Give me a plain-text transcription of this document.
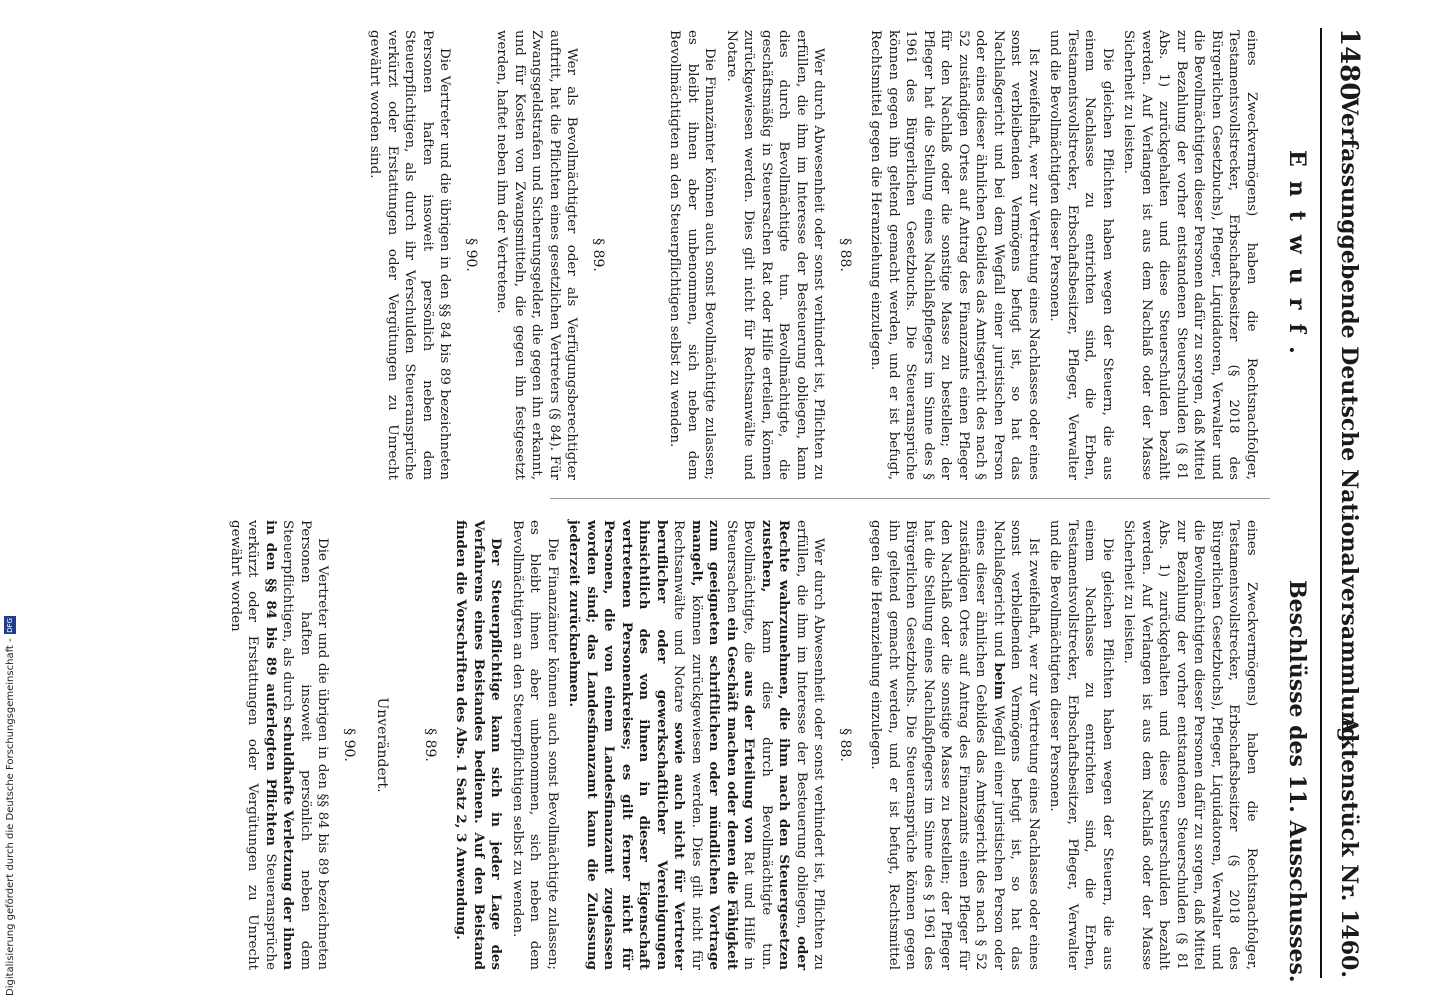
1480
Verfassunggebende Deutsche Nationalversammlung.
Aktenstück Nr. 1460.
Entwurf.
Beschlüsse des 11. Ausschusses.

eines Zweckvermögens) haben die Rechtsnachfolger, Testamentsvollstrecker, Erbschaftsbesitzer (§ 2018 des Bürgerlichen Gesetzbuchs), Pfleger, Liquidatoren, Verwalter und die Bevollmächtigten dieser Personen dafür zu sorgen, daß Mittel zur Bezahlung der vorher entstandenen Steuerschulden (§ 81 Abs. 1) zurückgehalten und diese Steuerschulden bezahlt werden. Auf Verlangen ist aus dem Nachlaß oder der Masse Sicherheit zu leisten.

Die gleichen Pflichten haben wegen der Steuern, die aus einem Nachlasse zu entrichten sind, die Erben, Testamentsvollstrecker, Erbschaftsbesitzer, Pfleger, Verwalter und die Bevollmächtigten dieser Personen.

Ist zweifelhaft, wer zur Vertretung eines Nachlasses oder eines sonst verbleibenden Vermögens befugt ist, so hat das Nachlaßgericht und bei dem Wegfall einer juristischen Person oder eines dieser ähnlichen Gebildes das Amtsgericht des nach § 52 zuständigen Ortes auf Antrag des Finanzamts einen Pfleger für den Nachlaß oder die sonstige Masse zu bestellen; der Pfleger hat die Stellung eines Nachlaßpflegers im Sinne des § 1961 des Bürgerlichen Gesetzbuchs. Die Steueransprüche können gegen ihn geltend gemacht werden, und er ist befugt, Rechtsmittel gegen die Heranziehung einzulegen.

§ 88.

Wer durch Abwesenheit oder sonst verhindert ist, Pflichten zu erfüllen, die ihm im Interesse der Besteuerung obliegen, kann dies durch Bevollmächtigte tun. Bevollmächtigte, die geschäftsmäßig in Steuersachen Rat oder Hilfe erteilen, können zurückgewiesen werden. Dies gilt nicht für Rechtsanwälte und Notare.

Die Finanzämter können auch sonst Bevollmächtigte zulassen; es bleibt ihnen aber unbenommen, sich neben dem Bevollmächtigten an den Steuerpflichtigen selbst zu wenden.

§ 89.

Wer als Bevollmächtigter oder als Verfügungsberechtigter auftritt, hat die Pflichten eines gesetzlichen Vertreters (§ 84). Für Zwangsgeldstrafen und Sicherungsgelder, die gegen ihn erkannt, und für Kosten von Zwangsmitteln, die gegen ihn festgesetzt werden, haftet neben ihm der Vertretene.

§ 90.

Die Vertreter und die übrigen in den §§ 84 bis 89 bezeichneten Personen haften insoweit persönlich neben dem Steuerpflichtigen, als durch ihr Verschulden Steueransprüche verkürzt oder Erstattungen oder Vergütungen zu Unrecht gewährt worden sind.

eines Zweckvermögens) haben die Rechtsnachfolger, Testamentsvollstrecker, Erbschaftsbesitzer (§ 2018 des Bürgerlichen Gesetzbuchs), Pfleger, Liquidatoren, Verwalter und die Bevollmächtigten dieser Personen dafür zu sorgen, daß Mittel zur Bezahlung der vorher entstandenen Steuerschulden (§ 81 Abs. 1) zurückgehalten und diese Steuerschulden bezahlt werden. Auf Verlangen ist aus dem Nachlaß oder der Masse Sicherheit zu leisten.

Die gleichen Pflichten haben wegen der Steuern, die aus einem Nachlasse zu entrichten sind, die Erben, Testamentsvollstrecker, Erbschaftsbesitzer, Pfleger, Verwalter und die Bevollmächtigten dieser Personen.

Ist zweifelhaft, wer zur Vertretung eines Nachlasses oder eines sonst verbleibenden Vermögens befugt ist, so hat das Nachlaßgericht und beim Wegfall einer juristischen Person oder eines dieser ähnlichen Gebildes das Amtsgericht des nach § 52 zuständigen Ortes auf Antrag des Finanzamts einen Pfleger für den Nachlaß oder die sonstige Masse zu bestellen; der Pfleger hat die Stellung eines Nachlaßpflegers im Sinne des § 1961 des Bürgerlichen Gesetzbuchs. Die Steueransprüche können gegen ihn geltend gemacht werden, und er ist befugt, Rechtsmittel gegen die Heranziehung einzulegen.

§ 88.

Wer durch Abwesenheit oder sonst verhindert ist, Pflichten zu erfüllen, die ihm im Interesse der Besteuerung obliegen, oder Rechte wahrzunehmen, die ihm nach den Steuergesetzen zustehen, kann dies durch Bevollmächtigte tun. Bevollmächtigte, die aus der Erteilung von Rat und Hilfe in Steuersachen ein Geschäft machen oder denen die Fähigkeit zum geeigneten schriftlichen oder mündlichen Vortrage mangelt, können zurückgewiesen werden. Dies gilt nicht für Rechtsanwälte und Notare sowie auch nicht für Vertreter beruflicher oder gewerkschaftlicher Vereinigungen hinsichtlich des von ihnen in dieser Eigenschaft vertretenen Personenkreises; es gilt ferner nicht für Personen, die von einem Landesfinanzamt zugelassen worden sind; das Landesfinanzamt kann die Zulassung jederzeit zurücknehmen.

Die Finanzämter können auch sonst Bevollmächtigte zulassen; es bleibt ihnen aber unbenommen, sich neben dem Bevollmächtigten an den Steuerpflichtigen selbst zu wenden.

Der Steuerpflichtige kann sich in jeder Lage des Verfahrens eines Beistandes bedienen. Auf den Beistand finden die Vorschriften des Abs. 1 Satz 2, 3 Anwendung.

§ 89.
Unverändert.
§ 90.

Die Vertreter und die übrigen in den §§ 84 bis 89 bezeichneten Personen haften insoweit persönlich neben dem Steuerpflichtigen, als durch schuldhafte Verletzung der ihnen in den §§ 84 bis 89 auferlegten Pflichten Steueransprüche verkürzt oder Erstattungen oder Vergütungen zu Unrecht gewährt worden

Digitalisierung gefördert durch die Deutsche Forschungsgemeinschaft -DFG
